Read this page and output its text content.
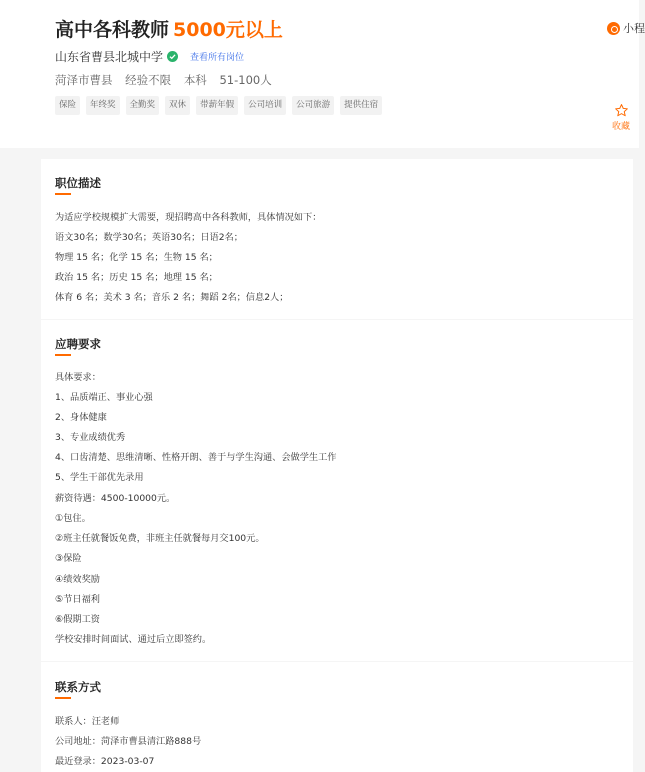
高中各科教师 5000元以上
山东省曹县北城中学	查看所有岗位
菏泽市曹县 经验不限 本科 51-100人
保险	年终奖	全勤奖	双休	带薪年假	公司培训	公司旅游	提供住宿
小程
收藏
职位描述
为适应学校规模扩大需要，现招聘高中各科教师，具体情况如下：
语文30名；数学30名；英语30名；日语2名；
物理 15 名；化学 15 名；生物 15 名；
政治 15 名；历史 15 名；地理 15 名；
体育 6 名；美术 3 名；音乐 2 名；舞蹈 2名；信息2人；
应聘要求
具体要求：
1、品质端正、事业心强
2、身体健康
3、专业成绩优秀
4、口齿清楚、思维清晰、性格开朗、善于与学生沟通、会做学生工作
5、学生干部优先录用
薪资待遇：4500-10000元。
①包住。
②班主任就餐饭免费，非班主任就餐每月交100元。
③保险
④绩效奖励
⑤节日福利
⑥假期工资
学校安排时间面试、通过后立即签约。
联系方式
联系人：汪老师
公司地址：菏泽市曹县清江路888号
最近登录：2023-03-07
